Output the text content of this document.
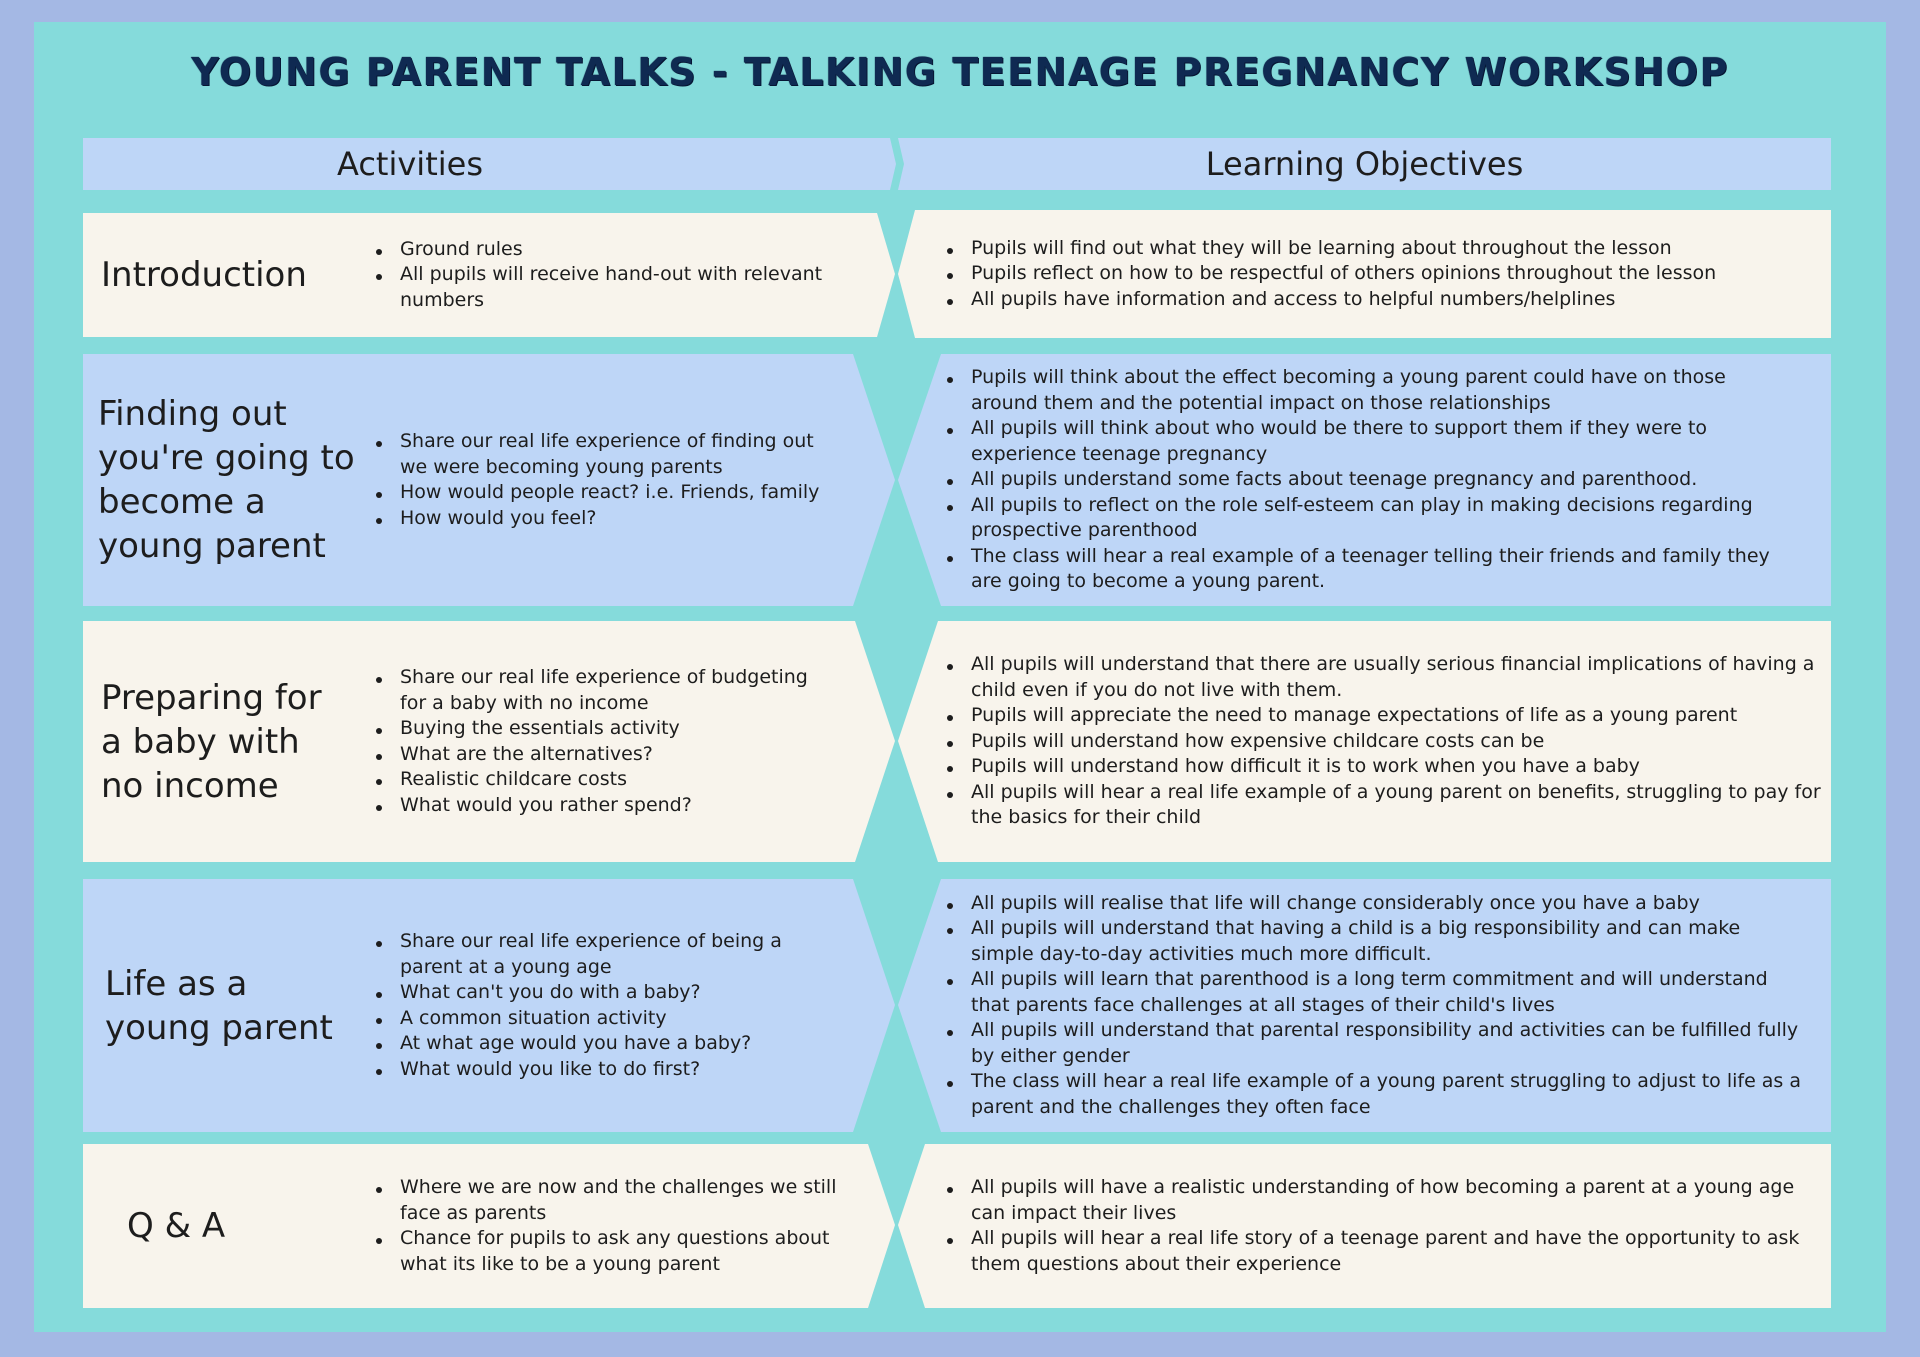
YOUNG PARENT TALKS - TALKING TEENAGE PREGNANCY WORKSHOP
Activities	Learning Objectives
Introduction
Ground rules
All pupils will receive hand-out with relevant numbers
Pupils will find out what they will be learning about throughout the lesson
Pupils reflect on how to be respectful of others opinions throughout the lesson
All pupils have information and access to helpful numbers/helplines
Finding out you're going to become a young parent
Share our real life experience of finding out we were becoming young parents
How would people react? i.e. Friends, family
How would you feel?
Pupils will think about the effect becoming a young parent could have on those around them and the potential impact on those relationships
All pupils will think about who would be there to support them if they were to experience teenage pregnancy
All pupils understand some facts about teenage pregnancy and parenthood.
All pupils to reflect on the role self-esteem can play in making decisions regarding prospective parenthood
The class will hear a real example of a teenager telling their friends and family they are going to become a young parent.
Preparing for a baby with no income
Share our real life experience of budgeting for a baby with no income
Buying the essentials activity
What are the alternatives?
Realistic childcare costs
What would you rather spend?
All pupils will understand that there are usually serious financial implications of having a child even if you do not live with them.
Pupils will appreciate the need to manage expectations of life as a young parent
Pupils will understand how expensive childcare costs can be
Pupils will understand how difficult it is to work when you have a baby
All pupils will hear a real life example of a young parent on benefits, struggling to pay for the basics for their child
Life as a young parent
Share our real life experience of being a parent at a young age
What can't you do with a baby?
A common situation activity
At what age would you have a baby?
What would you like to do first?
All pupils will realise that life will change considerably once you have a baby
All pupils will understand that having a child is a big responsibility and can make simple day-to-day activities much more difficult.
All pupils will learn that parenthood is a long term commitment and will understand that parents face challenges at all stages of their child's lives
All pupils will understand that parental responsibility and activities can be fulfilled fully by either gender
The class will hear a real life example of a young parent struggling to adjust to life as a parent and the challenges they often face
Q & A
Where we are now and the challenges we still face as parents
Chance for pupils to ask any questions about what its like to be a young parent
All pupils will have a realistic understanding of how becoming a parent at a young age can impact their lives
All pupils will hear a real life story of a teenage parent and have the opportunity to ask them questions about their experience
